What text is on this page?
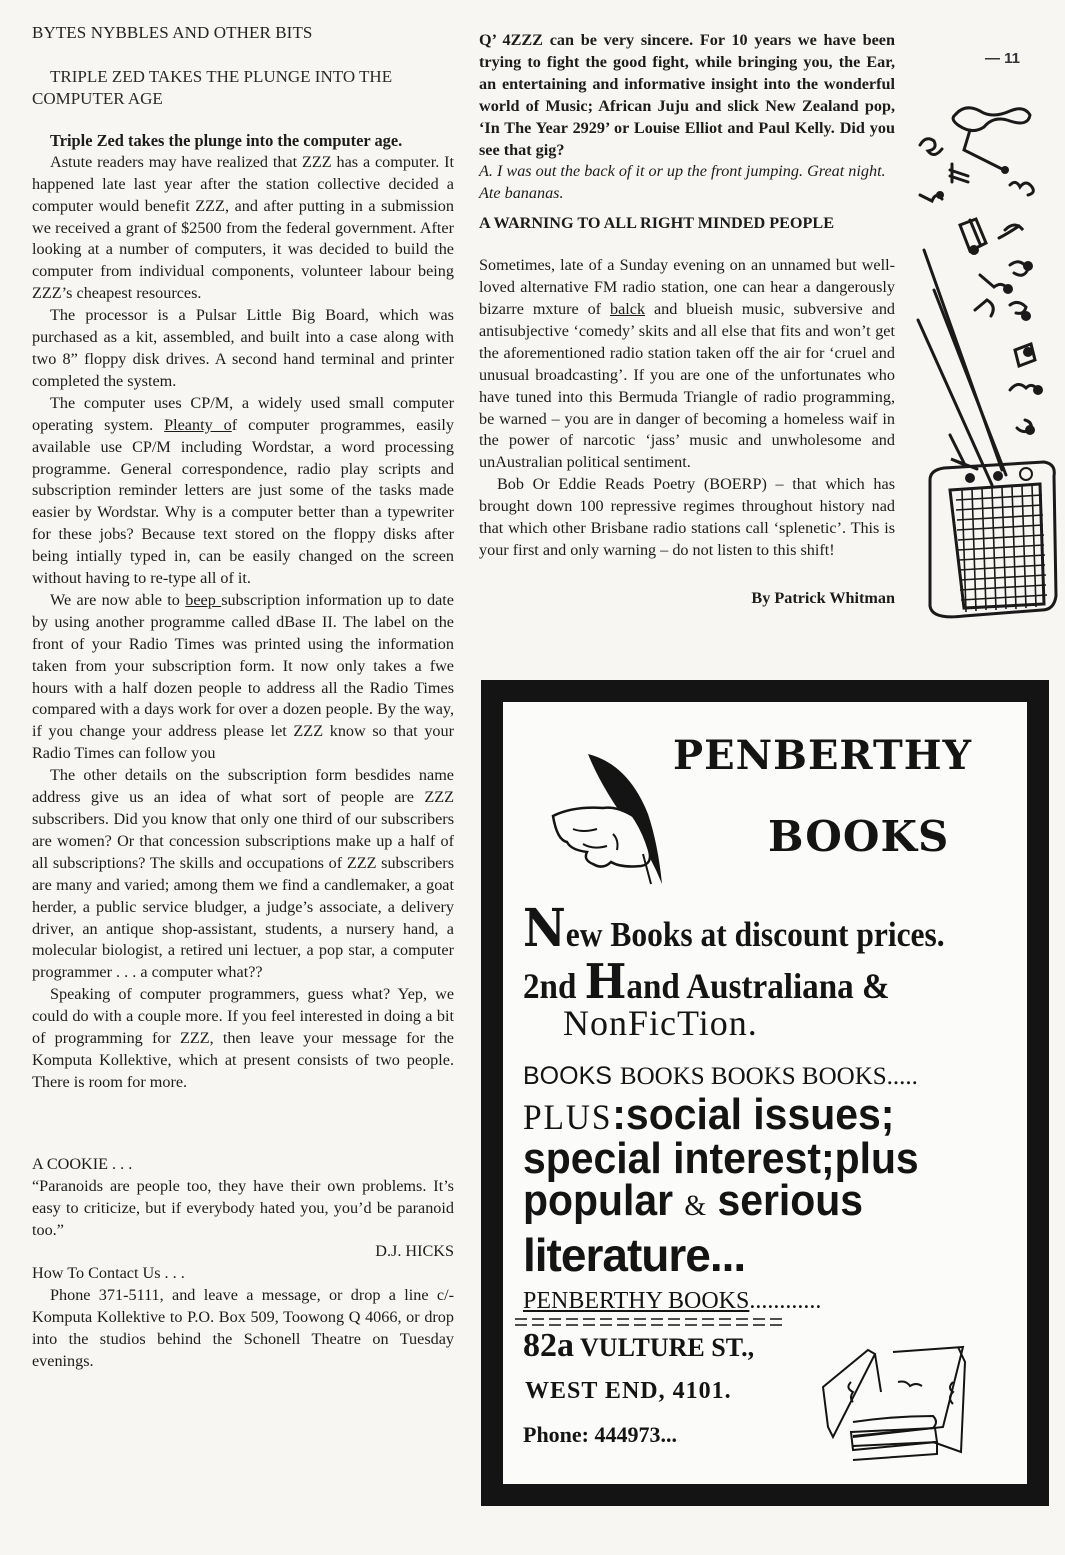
BYTES NYBBLES AND OTHER BITS
TRIPLE ZED TAKES THE PLUNGE INTO THE COMPUTER AGE

Triple Zed takes the plunge into the computer age.

Astute readers may have realized that ZZZ has a computer. It happened late last year after the station collective decided a computer would benefit ZZZ, and after putting in a submission we received a grant of $2500 from the federal government. After looking at a number of computers, it was decided to build the computer from individual components, volunteer labour being ZZZ’s cheapest resources.

The processor is a Pulsar Little Big Board, which was purchased as a kit, assembled, and built into a case along with two 8” floppy disk drives. A second hand terminal and printer completed the system.

The computer uses CP/M, a widely used small computer operating system. Pleanty of computer programmes, easily available use CP/M including Wordstar, a word processing programme. General correspondence, radio play scripts and subscription reminder letters are just some of the tasks made easier by Wordstar. Why is a computer better than a typewriter for these jobs? Because text stored on the floppy disks after being intially typed in, can be easily changed on the screen without having to re-type all of it.

We are now able to beep subscription information up to date by using another programme called dBase II. The label on the front of your Radio Times was printed using the information taken from your subscription form. It now only takes a fwe hours with a half dozen people to address all the Radio Times compared with a days work for over a dozen people. By the way, if you change your address please let ZZZ know so that your Radio Times can follow you

The other details on the subscription form besdides name address give us an idea of what sort of people are ZZZ subscribers. Did you know that only one third of our subscribers are women? Or that concession subscriptions make up a half of all subscriptions? The skills and occupations of ZZZ subscribers are many and varied; among them we find a candlemaker, a goat herder, a public service bludger, a judge’s associate, a delivery driver, an antique shop-assistant, students, a nursery hand, a molecular biologist, a retired uni lectuer, a pop star, a computer programmer . . . a computer what??

Speaking of computer programmers, guess what? Yep, we could do with a couple more. If you feel interested in doing a bit of programming for ZZZ, then leave your message for the Komputa Kollektive, which at present consists of two people. There is room for more.

A COOKIE . . .

“Paranoids are people too, they have their own problems. It’s easy to criticize, but if everybody hated you, you’d be paranoid too.”

D.J. HICKS

How To Contact Us . . .

Phone 371-5111, and leave a message, or drop a line c/- Komputa Kollektive to P.O. Box 509, Toowong Q 4066, or drop into the studios behind the Schonell Theatre on Tuesday evenings.

Q’ 4ZZZ can be very sincere. For 10 years we have been trying to fight the good fight, while bringing you, the Ear, an entertaining and informative insight into the wonderful world of Music; African Juju and slick New Zealand pop, ‘In The Year 2929’ or Louise Elliot and Paul Kelly. Did you see that gig?

A. I was out the back of it or up the front jumping. Great night. Ate bananas.

A WARNING TO ALL RIGHT MINDED PEOPLE

Sometimes, late of a Sunday evening on an unnamed but well-loved alternative FM radio station, one can hear a dangerously bizarre mxture of balck and blueish music, subversive and antisubjective ‘comedy’ skits and all else that fits and won’t get the aforementioned radio station taken off the air for ‘cruel and unusual broadcasting’. If you are one of the unfortunates who have tuned into this Bermuda Triangle of radio programming, be warned – you are in danger of becoming a homeless waif in the power of narcotic ‘jass’ music and unwholesome and unAustralian political sentiment.

Bob Or Eddie Reads Poetry (BOERP) – that which has brought down 100 repressive regimes throughout history nad that which other Brisbane radio stations call ‘splenetic’. This is your first and only warning – do not listen to this shift!

By Patrick Whitman

— 11
PENBERTHY
BOOKS
New Books at discount prices.
2nd Hand Australiana &
NonFicTion.
BOOKS BOOKS BOOKS BOOKS.....
PLUS:social issues;
special interest;plus
popular & serious
literature...
PENBERTHY BOOKS............
82a VULTURE ST.,
WEST END, 4101.
Phone: 444973...
